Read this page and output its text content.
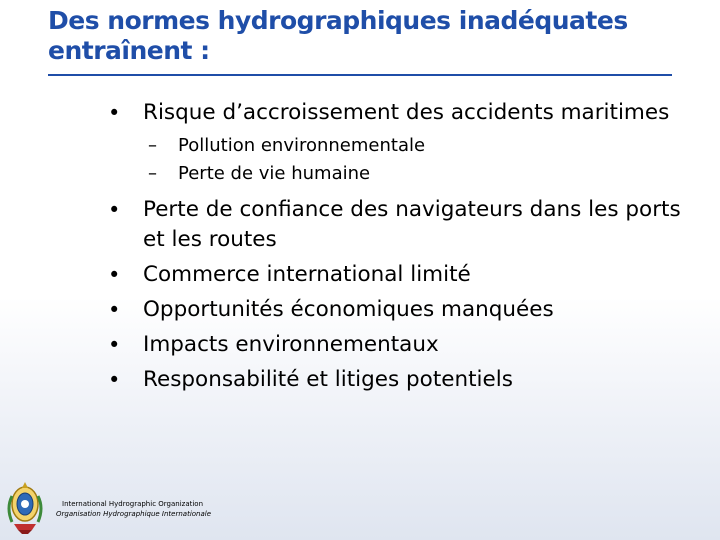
Des normes hydrographiques inadéquates entraînent :
•	Risque d’accroissement des accidents maritimes
–	Pollution environnementale
–	Perte de vie humaine
•	Perte de confiance des navigateurs dans les ports et les routes
•	Commerce international limité
•	Opportunités économiques manquées
•	Impacts environnementaux
•	Responsabilité et litiges potentiels
International Hydrographic Organization
Organisation Hydrographique Internationale
